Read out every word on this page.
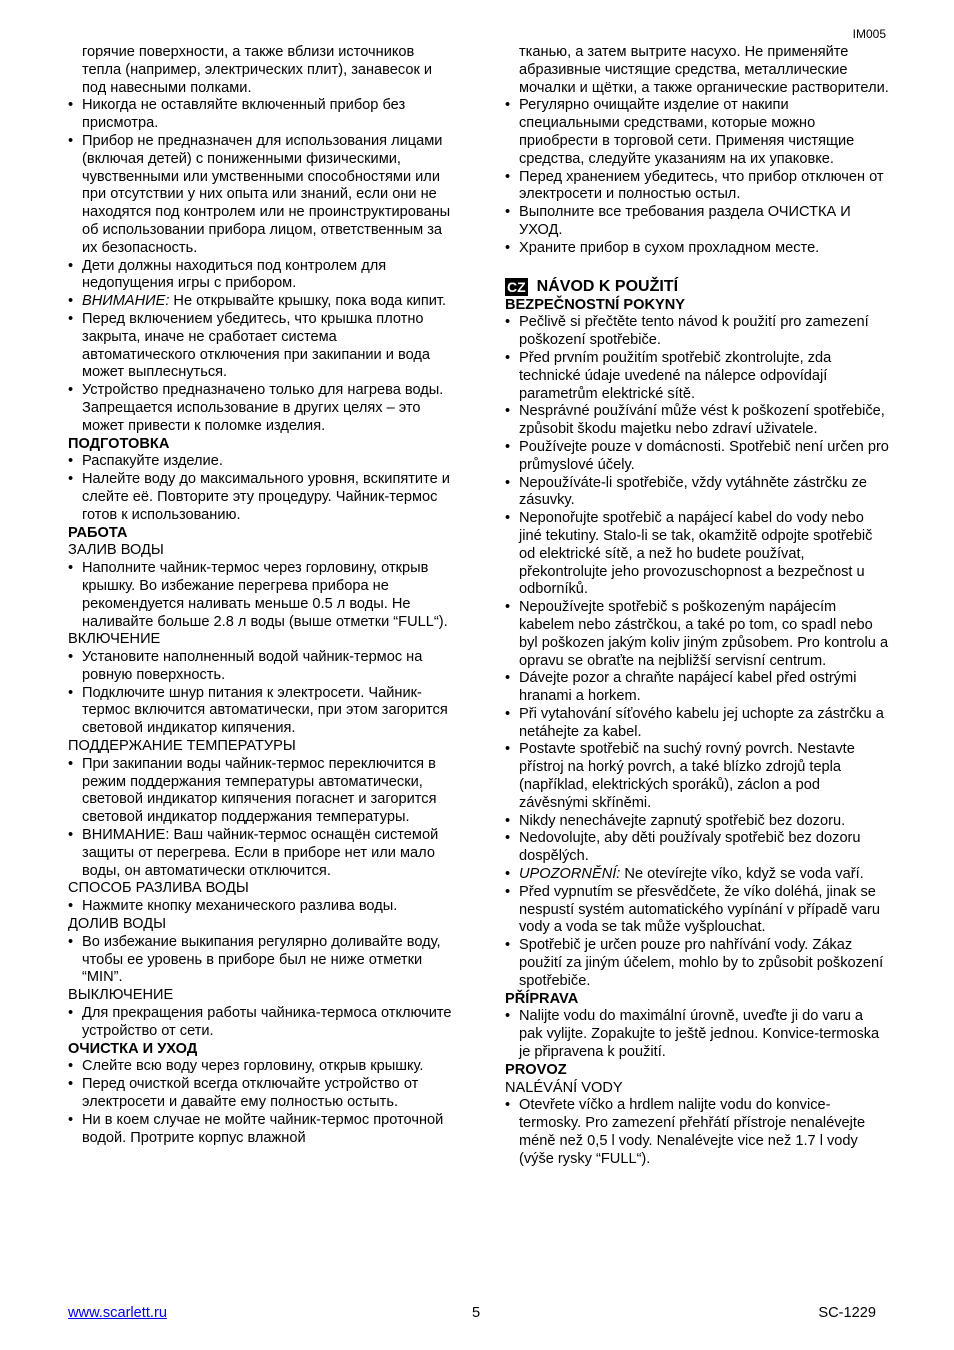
IM005
горячие поверхности, а также вблизи источников тепла (например, электрических плит), занавесок и под навесными полками.
• Никогда не оставляйте включенный прибор без присмотра.
• Прибор не предназначен для использования лицами (включая детей) с пониженными физическими, чувственными или умственными способностями или при отсутствии у них опыта или знаний, если они не находятся под контролем или не проинструктированы об использовании прибора лицом, ответственным за их безопасность.
• Дети должны находиться под контролем для недопущения игры с прибором.
• ВНИМАНИЕ: Не открывайте крышку, пока вода кипит.
• Перед включением убедитесь, что крышка плотно закрыта, иначе не сработает система автоматического отключения при закипании и вода может выплеснуться.
• Устройство предназначено только для нагрева воды. Запрещается использование в других целях – это может привести к поломке изделия.
ПОДГОТОВКА
• Распакуйте изделие.
• Налейте воду до максимального уровня, вскипятите и слейте её. Повторите эту процедуру. Чайник-термос готов к использованию.
РАБОТА
ЗАЛИВ ВОДЫ
• Наполните чайник-термос через горловину, открыв крышку. Во избежание перегрева прибора не рекомендуется наливать меньше 0.5 л воды. Не наливайте больше 2.8 л воды (выше отметки “FULL“).
ВКЛЮЧЕНИЕ
• Установите наполненный водой чайник-термос на ровную поверхность.
• Подключите шнур питания к электросети. Чайник-термос включится автоматически, при этом загорится световой индикатор кипячения.
ПОДДЕРЖАНИЕ ТЕМПЕРАТУРЫ
• При закипании воды чайник-термос переключится в режим поддержания температуры автоматически, световой индикатор кипячения погаснет и загорится световой индикатор поддержания температуры.
• ВНИМАНИЕ: Ваш чайник-термос оснащён системой защиты от перегрева. Если в приборе нет или мало воды, он автоматически отключится.
СПОСОБ РАЗЛИВА ВОДЫ
• Нажмите кнопку механического разлива воды.
ДОЛИВ ВОДЫ
• Во избежание выкипания регулярно доливайте воду, чтобы ее уровень в приборе был не ниже отметки “MIN”.
ВЫКЛЮЧЕНИЕ
• Для прекращения работы чайника-термоса отключите устройство от сети.
ОЧИСТКА И УХОД
• Слейте всю воду через горловину, открыв крышку.
• Перед очисткой всегда отключайте устройство от электросети и давайте ему полностью остыть.
• Ни в коем случае не мойте чайник-термос проточной водой. Протрите корпус влажной
тканью, а затем вытрите насухо. Не применяйте абразивные чистящие средства, металлические мочалки и щётки, а также органические растворители.
• Регулярно очищайте изделие от накипи специальными средствами, которые можно приобрести в торговой сети. Применяя чистящие средства, следуйте указаниям на их упаковке.
• Перед хранением убедитесь, что прибор отключен от электросети и полностью остыл.
• Выполните все требования раздела ОЧИСТКА И УХОД.
• Храните прибор в сухом прохладном месте.
CZ NÁVOD K POUŽITÍ
BEZPEČNOSTNÍ POKYNY
• Pečlivě si přečtěte tento návod k použití pro zamezení poškození spotřebiče.
• Před prvním použitím spotřebič zkontrolujte, zda technické údaje uvedené na nálepce odpovídají parametrům elektrické sítě.
• Nesprávné používání může vést k poškození spotřebiče, způsobit škodu majetku nebo zdraví uživatele.
• Používejte pouze v domácnosti. Spotřebič není určen pro průmyslové účely.
• Nepoužíváte-li spotřebiče, vždy vytáhněte zástrčku ze zásuvky.
• Neponořujte spotřebič a napájecí kabel do vody nebo jiné tekutiny. Stalo-li se tak, okamžitě odpojte spotřebič od elektrické sítě, a než ho budete používat, překontrolujte jeho provozuschopnost a bezpečnost u odborníků.
• Nepoužívejte spotřebič s poškozeným napájecím kabelem nebo zástrčkou, a také po tom, co spadl nebo byl poškozen jakým koliv jiným způsobem. Pro kontrolu a opravu se obraťte na nejbližší servisní centrum.
• Dávejte pozor a chraňte napájecí kabel před ostrými hranami a horkem.
• Při vytahování síťového kabelu jej uchopte za zástrčku a netáhejte za kabel.
• Postavte spotřebič na suchý rovný povrch. Nestavte přístroj na horký povrch, a také blízko zdrojů tepla (například, elektrických sporáků), záclon a pod závěsnými skříněmi.
• Nikdy nenechávejte zapnutý spotřebič bez dozoru.
• Nedovolujte, aby děti používaly spotřebič bez dozoru dospělých.
• UPOZORNĚNÍ: Ne otevírejte víko, když se voda vaří.
• Před vypnutím se přesvědčete, že víko doléhá, jinak se nespustí systém automatického vypínání v případě varu vody a voda se tak může vyšplouchat.
• Spotřebič je určen pouze pro nahřívání vody. Zákaz použití za jiným účelem, mohlo by to způsobit poškození spotřebiče.
PŘÍPRAVA
• Nalijte vodu do maximální úrovně, uveďte ji do varu a pak vylijte. Zopakujte to ještě jednou. Konvice-termoska je připravena k použití.
PROVOZ
NALÉVÁNÍ VODY
• Otevřete víčko a hrdlem nalijte vodu do konvice-termosky. Pro zamezení přehřátí přístroje nenalévejte méně než 0,5 l vody. Nenalévejte vice než 1.7 l vody (výše rysky “FULL“).
www.scarlett.ru	5	SC-1229
